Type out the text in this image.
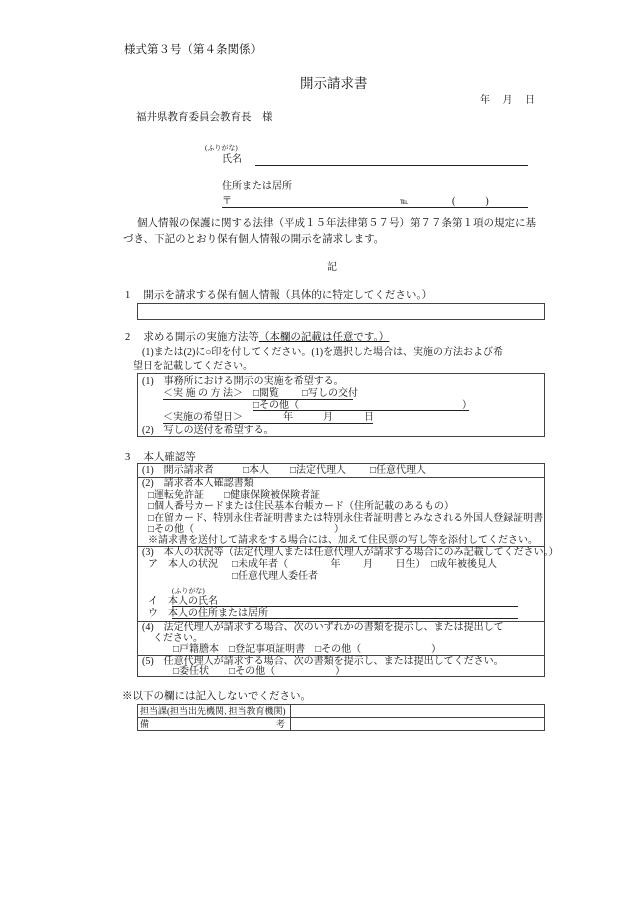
様式第３号（第４条関係）
開示請求書
年　 月　 日
福井県教育委員会教育長　様
(ふりがな)
氏名
住所または居所
〒	℡	(　　　)
個人情報の保護に関する法律（平成１５年法律第５７号）第７７条第１項の規定に基
づき、下記のとおり保有個人情報の開示を請求します。
記
1　 開示を請求する保有個人情報（具体的に特定してください。）
2　 求める開示の実施方法等（本欄の記載は任意です。）
(1)または(2)に○印を付してください。(1)を選択した場合は、実施の方法および希
望日を記載してください。
(1)　事務所における開示の実施を希望する。
＜実 施 の 方 法＞ □閲覧 □写しの交付
□その他（	）
＜実施の希望日＞	年	月	日
(2)　写しの送付を希望する。
3　 本人確認等
(1)　開示請求者	□本人 □法定代理人 □任意代理人
(2)　請求者本人確認書類
□運転免許証　　□健康保険被保険者証
□個人番号カードまたは住民基本台帳カード（住所記載のあるもの）
□在留カード、特別永住者証明書または特別永住者証明書とみなされる外国人登録証明書
□その他（　　　　　　　　　　　　　　）
※請求書を送付して請求をする場合には、加えて住民票の写し等を添付してください。
(3)　本人の状況等（法定代理人または任意代理人が請求する場合にのみ記載してください。）
ア　本人の状況 □未成年者（　　　　 年　　 月　　 日生） □成年被後見人
□任意代理人委任者
(ふりがな)
イ　本人の氏名
ウ　本人の住所または居所
(4)　法定代理人が請求する場合、次のいずれかの書類を提示し、または提出して
ください。
□戸籍謄本　□登記事項証明書　□その他（　　　　　　　）
(5)　任意代理人が請求する場合、次の書類を提示し、または提出してください。
□委任状　　□その他（　　　　　　）
※以下の欄には記入しないでください。
担当課(担当出先機関､担当教育機関)
備	考
